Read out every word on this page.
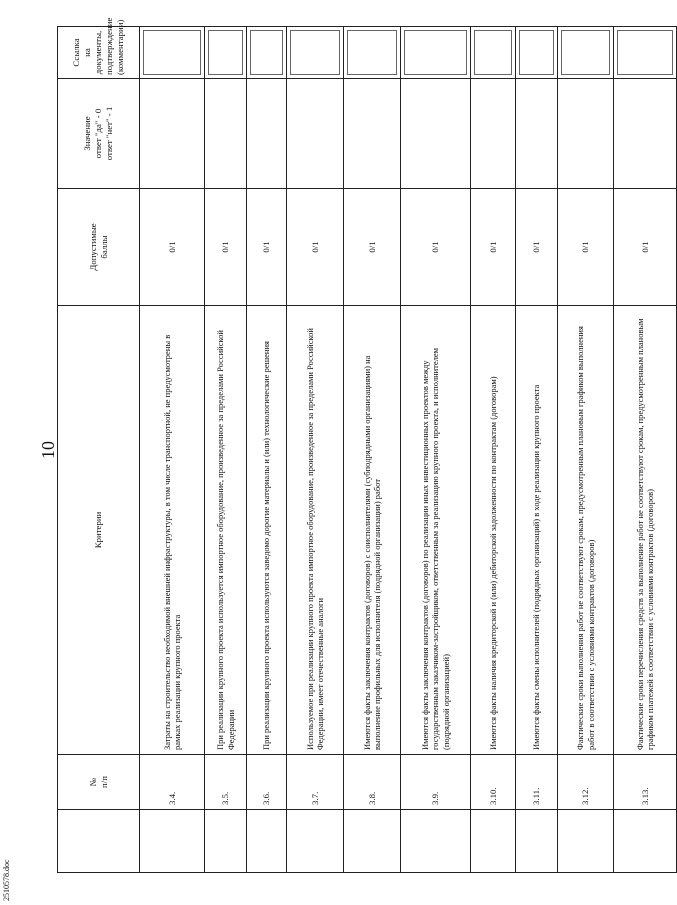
2510578.doc
10

	№ п/п	Критерии	Допустимые баллы	Значение ответ "да" - 0 ответ "нет" - 1	Ссылка на документы, подтверждение (комментарии)

	3.4.	Затраты на строительство необходимой внешней инфраструктуры, в том числе транспортной, не предусмотрены в рамках реализации крупного проекта	0/1		
	3.5.	При реализации крупного проекта используется импортное оборудование, произведенное за пределами Российской Федерации	0/1		
	3.6.	При реализации крупного проекта используются заведомо дорогие материалы и (или) технологические решения	0/1		
	3.7.	Используемое при реализации крупного проекта импортное оборудование, произведенное за пределами Российской Федерации, имеет отечественные аналоги	0/1		
	3.8.	Имеются факты заключения контрактов (договоров) с соисполнителями (субподрядными организациями) на выполнение профильных для исполнителя (подрядной организации) работ	0/1		
	3.9.	Имеются факты заключения контрактов (договоров) по реализации иных инвестиционных проектов между государственным заказчиком-застройщиком, ответственным за реализацию крупного проекта, и исполнителем (подрядной организацией)	0/1		
	3.10.	Имеются факты наличия кредиторской и (или) дебиторской задолженности по контрактам (договорам)	0/1		
	3.11.	Имеются факты смены исполнителей (подрядных организаций) в ходе реализации крупного проекта	0/1		
	3.12.	Фактические сроки выполнения работ не соответствуют срокам, предусмотренным плановым графиком выполнения работ в соответствии с условиями контрактов (договоров)	0/1		
	3.13.	Фактические сроки перечисления средств за выполнение работ не соответствуют срокам, предусмотренным плановым графиком платежей в соответствии с условиями контрактов (договоров)	0/1		
